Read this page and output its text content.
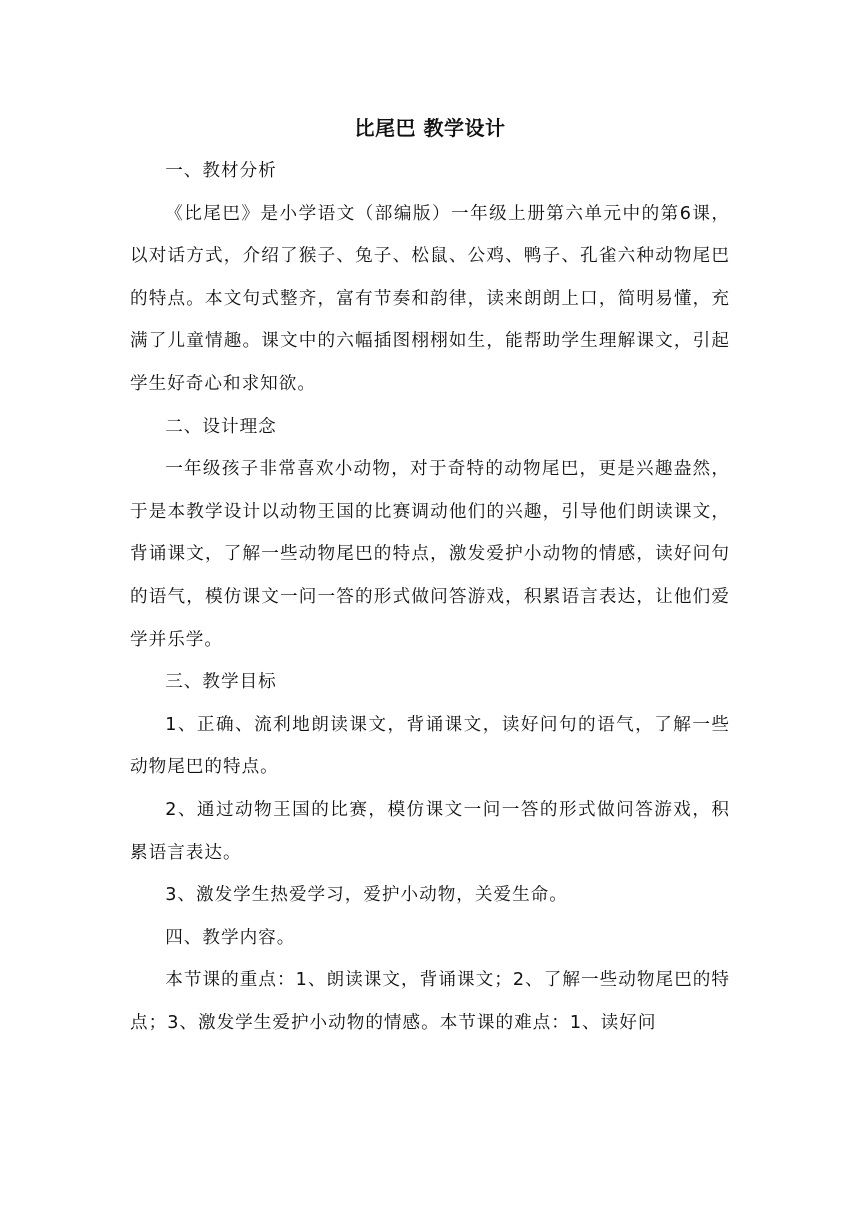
比尾巴 教学设计

一、教材分析

《比尾巴》是小学语文（部编版）一年级上册第六单元中的第6课，以对话方式，介绍了猴子、兔子、松鼠、公鸡、鸭子、孔雀六种动物尾巴的特点。本文句式整齐，富有节奏和韵律，读来朗朗上口，简明易懂，充满了儿童情趣。课文中的六幅插图栩栩如生，能帮助学生理解课文，引起学生好奇心和求知欲。

二、设计理念

一年级孩子非常喜欢小动物，对于奇特的动物尾巴，更是兴趣盎然，于是本教学设计以动物王国的比赛调动他们的兴趣，引导他们朗读课文，背诵课文，了解一些动物尾巴的特点，激发爱护小动物的情感，读好问句的语气，模仿课文一问一答的形式做问答游戏，积累语言表达，让他们爱学并乐学。

三、教学目标

1、正确、流利地朗读课文，背诵课文，读好问句的语气，了解一些动物尾巴的特点。

2、通过动物王国的比赛，模仿课文一问一答的形式做问答游戏，积累语言表达。

3、激发学生热爱学习，爱护小动物，关爱生命。

四、教学内容。

本节课的重点：1、朗读课文，背诵课文；2、了解一些动物尾巴的特点；3、激发学生爱护小动物的情感。本节课的难点：1、读好问
